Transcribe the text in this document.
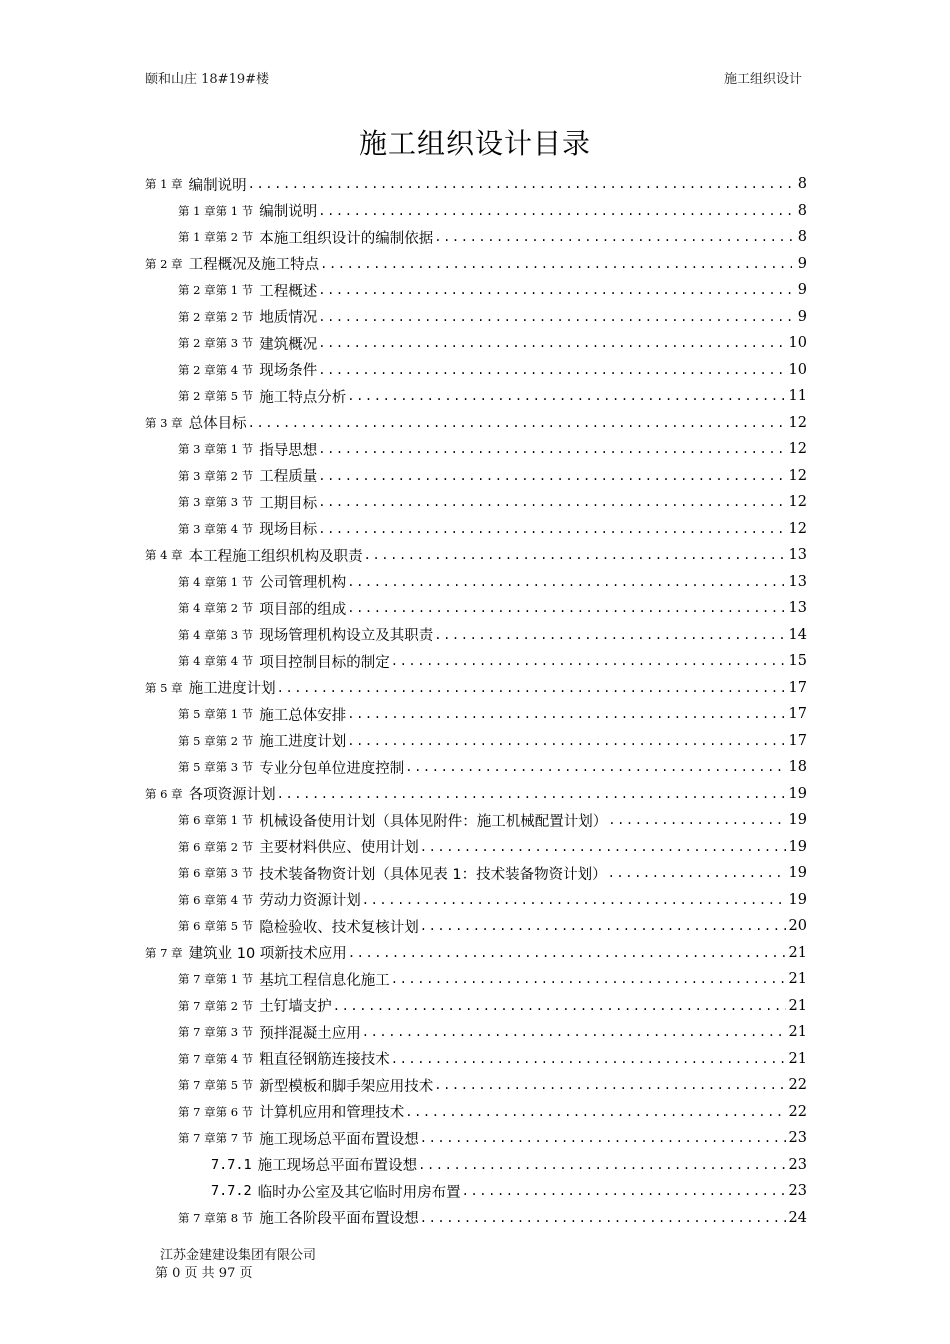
颐和山庄 18#19#楼	施工组织设计
施工组织设计目录
第 1 章 编制说明 .....	8
第 1 章第 1 节 编制说明 .....	8
第 1 章第 2 节 本施工组织设计的编制依据 .....	8
第 2 章 工程概况及施工特点 .....	9
第 2 章第 1 节 工程概述 .....	9
第 2 章第 2 节 地质情况 .....	9
第 2 章第 3 节 建筑概况 .....	10
第 2 章第 4 节 现场条件 .....	10
第 2 章第 5 节 施工特点分析 .....	11
第 3 章 总体目标 .....	12
第 3 章第 1 节 指导思想 .....	12
第 3 章第 2 节 工程质量 .....	12
第 3 章第 3 节 工期目标 .....	12
第 3 章第 4 节 现场目标 .....	12
第 4 章 本工程施工组织机构及职责 .....	13
第 4 章第 1 节 公司管理机构 .....	13
第 4 章第 2 节 项目部的组成 .....	13
第 4 章第 3 节 现场管理机构设立及其职责 .....	14
第 4 章第 4 节 项目控制目标的制定 .....	15
第 5 章 施工进度计划 .....	17
第 5 章第 1 节 施工总体安排 .....	17
第 5 章第 2 节 施工进度计划 .....	17
第 5 章第 3 节 专业分包单位进度控制 .....	18
第 6 章 各项资源计划 .....	19
第 6 章第 1 节 机械设备使用计划（具体见附件：施工机械配置计划） .....	19
第 6 章第 2 节 主要材料供应、使用计划 .....	19
第 6 章第 3 节 技术装备物资计划（具体见表 1：技术装备物资计划） .....	19
第 6 章第 4 节 劳动力资源计划 .....	19
第 6 章第 5 节 隐检验收、技术复核计划 .....	20
第 7 章 建筑业 10 项新技术应用 .....	21
第 7 章第 1 节 基坑工程信息化施工 .....	21
第 7 章第 2 节 土钉墙支护 .....	21
第 7 章第 3 节 预拌混凝土应用 .....	21
第 7 章第 4 节 粗直径钢筋连接技术 .....	21
第 7 章第 5 节 新型模板和脚手架应用技术 .....	22
第 7 章第 6 节 计算机应用和管理技术 .....	22
第 7 章第 7 节 施工现场总平面布置设想 .....	23
7.7.1 施工现场总平面布置设想 .....	23
7.7.2 临时办公室及其它临时用房布置 .....	23
第 7 章第 8 节 施工各阶段平面布置设想 .....	24
江苏金建建设集团有限公司
第 0 页 共 97 页
